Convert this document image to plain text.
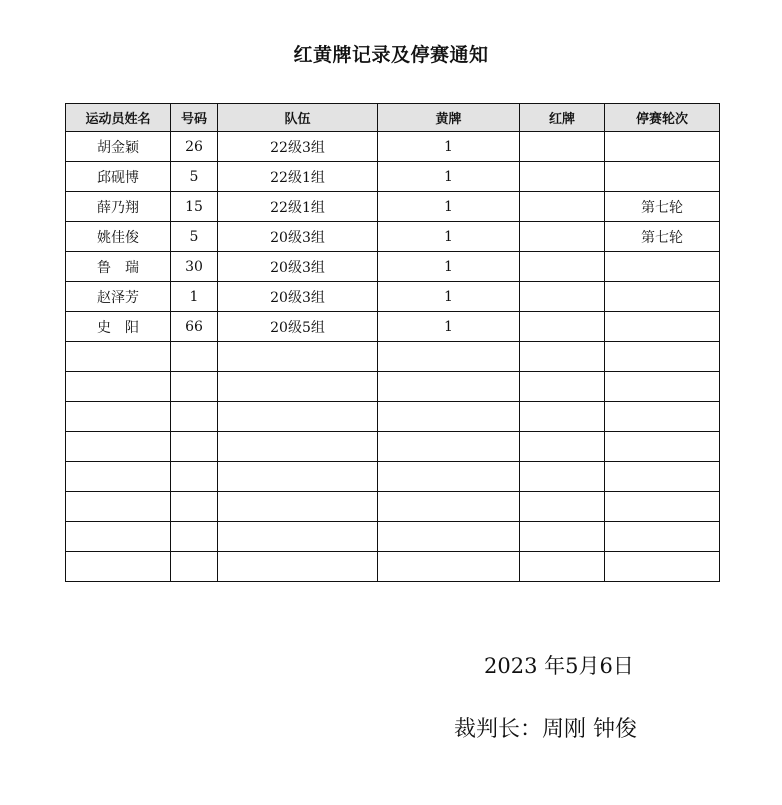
红黄牌记录及停赛通知
运动员姓名	号码	队伍	黄牌	红牌	停赛轮次
胡金颖	26	22级3组	1		
邱砚博	5	22级1组	1		
薛乃翔	15	22级1组	1		第七轮
姚佳俊	5	20级3组	1		第七轮
鲁　瑞	30	20级3组	1		
赵泽芳	1	20级3组	1		
史　阳	66	20级5组	1		

2023 年5月6日
裁判长：周刚 钟俊
